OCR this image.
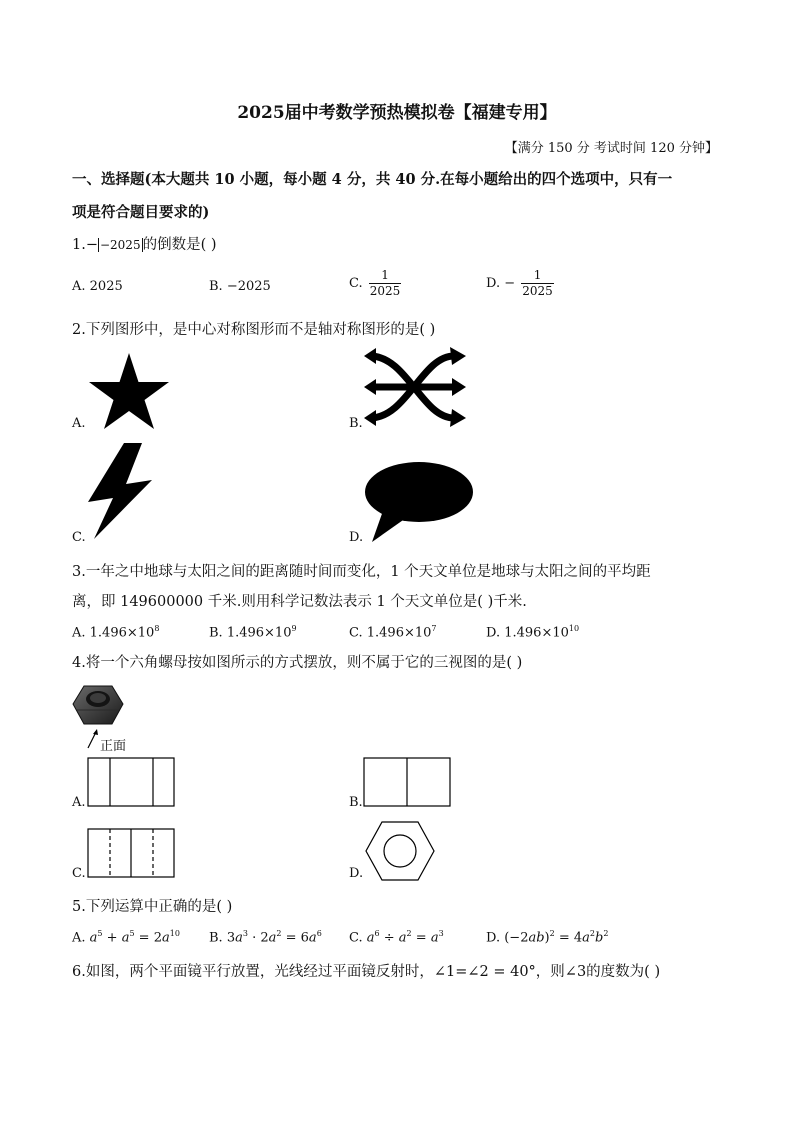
2025届中考数学预热模拟卷【福建专用】
【满分 150 分 考试时间 120 分钟】
一、选择题(本大题共 10 小题，每小题 4 分，共 40 分.在每小题给出的四个选项中，只有一
项是符合题目要求的)
1.− −2025 的倒数是( )
A. 2025	B. −2025	C. $\frac{1}{2025}$	D. − $\frac{1}{2025}$
2.下列图形中，是中心对称图形而不是轴对称图形的是( )
A.	B.
C.	D.
3.一年之中地球与太阳之间的距离随时间而变化，1 个天文单位是地球与太阳之间的平均距
离，即 149600000 千米.则用科学记数法表示 1 个天文单位是( )千米.
A. $1.496\times 10^8$	B. $1.496\times 10^9$	C. $1.496\times 10^7$	D. $1.496\times 10^{10}$
4.将一个六角螺母按如图所示的方式摆放，则不属于它的三视图的是( )
正面
A.	B.
C.	D.
5.下列运算中正确的是( )
A. $a^5 + a^5 = 2a^{10}$ B. $3a^3 \cdot 2a^2 = 6a^6$ C. $a^6 \div a^2 = a^3$	D. $(-2ab)^2 = 4a^2b^2$
6.如图，两个平面镜平行放置，光线经过平面镜反射时，∠1=∠2 = 40°，则∠3的度数为( )
